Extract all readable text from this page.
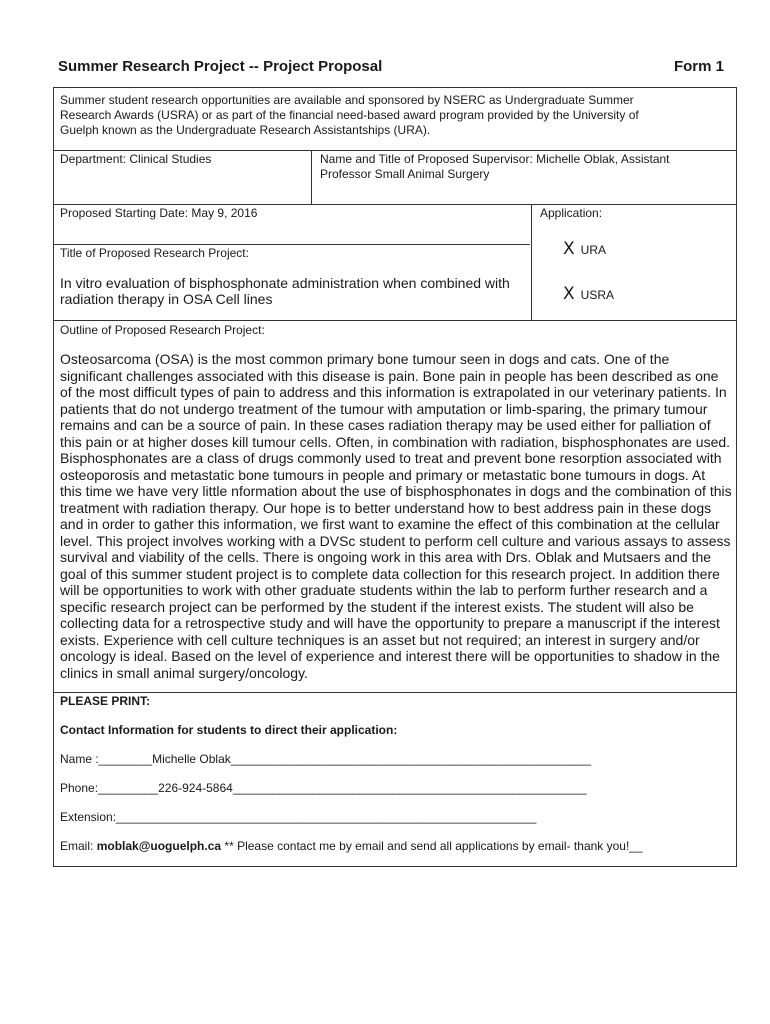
Summer Research Project -- Project Proposal	Form 1
Summer student research opportunities are available and sponsored by NSERC as Undergraduate Summer
Research Awards (USRA) or as part of the financial need-based award program provided by the University of
Guelph known as the Undergraduate Research Assistantships (URA).
Department: Clinical Studies	Name and Title of Proposed Supervisor: Michelle Oblak, Assistant
Professor Small Animal Surgery
Proposed Starting Date: May 9, 2016	Application:
X URA
X USRA
Title of Proposed Research Project:
In vitro evaluation of bisphosphonate administration when combined with
radiation therapy in OSA Cell lines
Outline of Proposed Research Project:
Osteosarcoma (OSA) is the most common primary bone tumour seen in dogs and cats. One of the
significant challenges associated with this disease is pain. Bone pain in people has been described as one
of the most difficult types of pain to address and this information is extrapolated in our veterinary patients. In
patients that do not undergo treatment of the tumour with amputation or limb-sparing, the primary tumour
remains and can be a source of pain. In these cases radiation therapy may be used either for palliation of
this pain or at higher doses kill tumour cells. Often, in combination with radiation, bisphosphonates are used.
Bisphosphonates are a class of drugs commonly used to treat and prevent bone resorption associated with
osteoporosis and metastatic bone tumours in people and primary or metastatic bone tumours in dogs. At
this time we have very little nformation about the use of bisphosphonates in dogs and the combination of this
treatment with radiation therapy. Our hope is to better understand how to best address pain in these dogs
and in order to gather this information, we first want to examine the effect of this combination at the cellular
level. This project involves working with a DVSc student to perform cell culture and various assays to assess
survival and viability of the cells. There is ongoing work in this area with Drs. Oblak and Mutsaers and the
goal of this summer student project is to complete data collection for this research project. In addition there
will be opportunities to work with other graduate students within the lab to perform further research and a
specific research project can be performed by the student if the interest exists. The student will also be
collecting data for a retrospective study and will have the opportunity to prepare a manuscript if the interest
exists. Experience with cell culture techniques is an asset but not required; an interest in surgery and/or
oncology is ideal. Based on the level of experience and interest there will be opportunities to shadow in the
clinics in small animal surgery/oncology.
PLEASE PRINT:
Contact Information for students to direct their application:
Name :________Michelle Oblak______________________________________________________
Phone:_________226-924-5864_____________________________________________________
Extension:_______________________________________________________________
Email: moblak@uoguelph.ca ** Please contact me by email and send all applications by email- thank you!__
